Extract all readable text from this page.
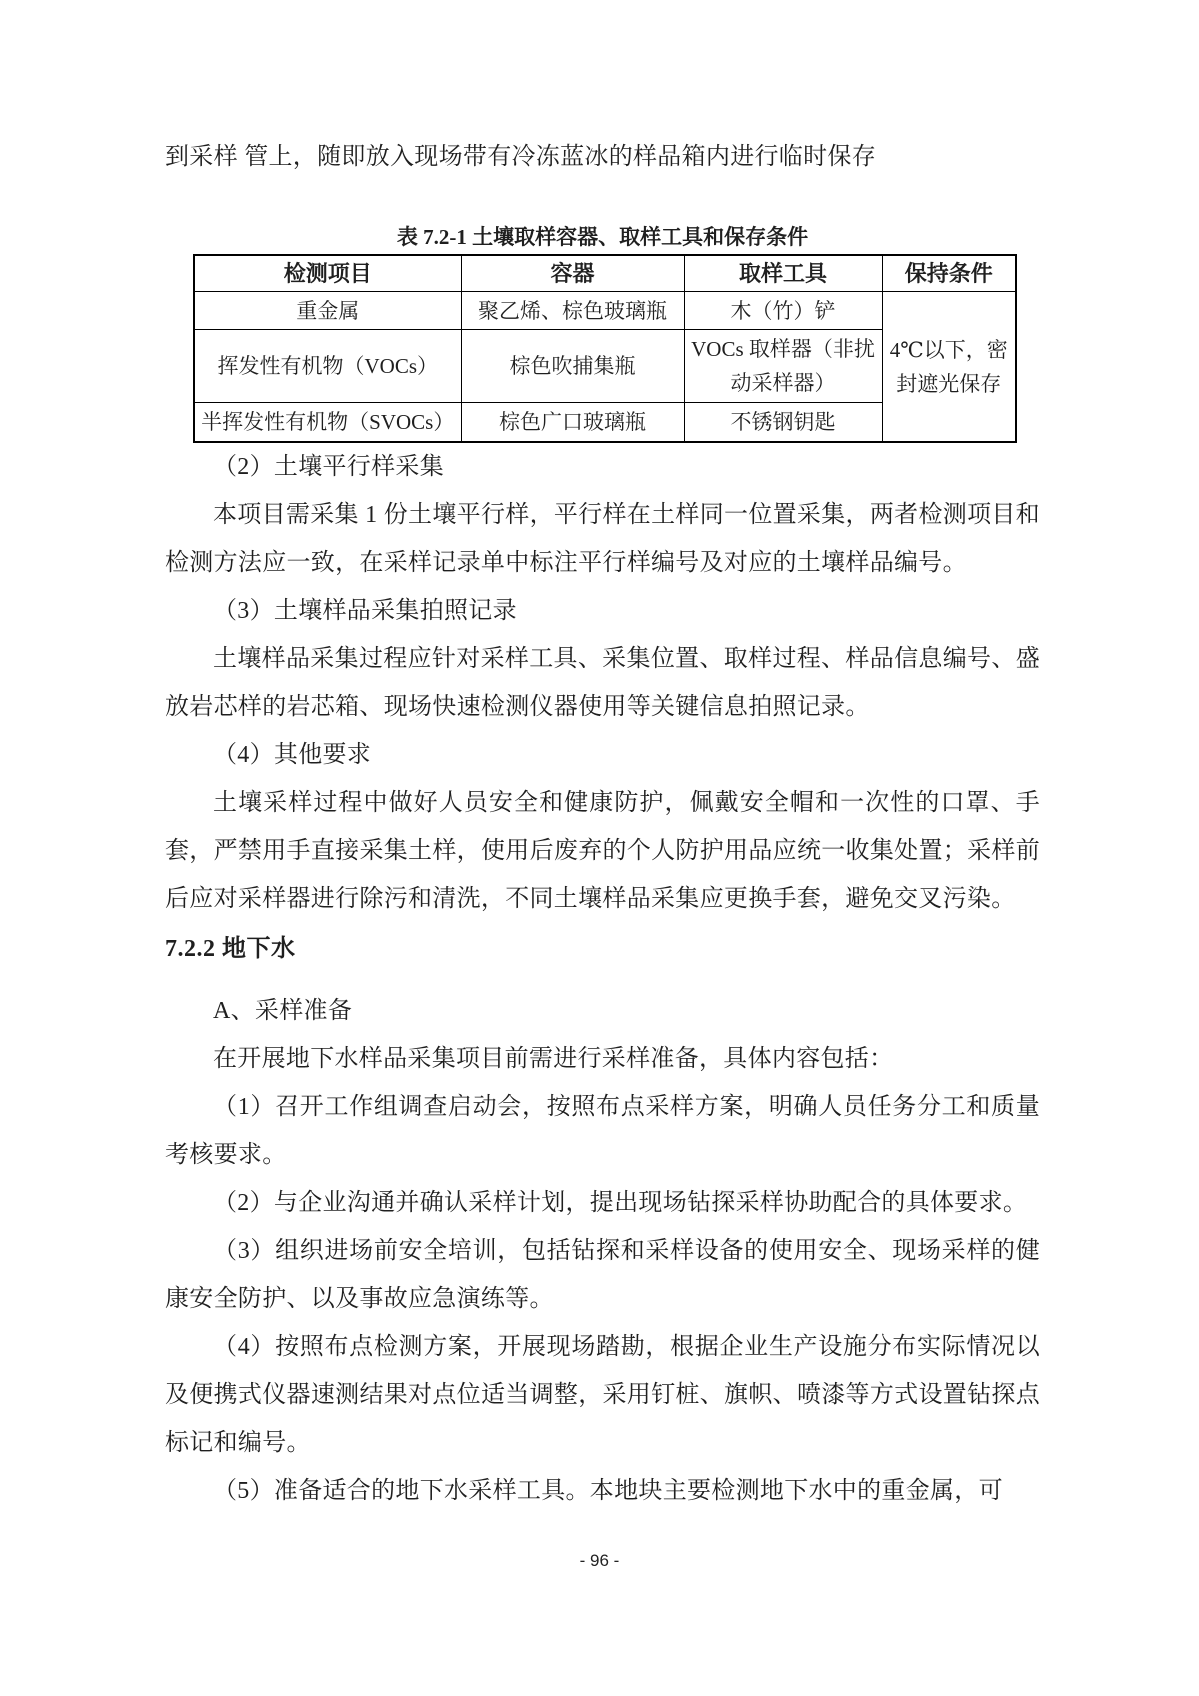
到采样 管上，随即放入现场带有冷冻蓝冰的样品箱内进行临时保存

表 7.2-1 土壤取样容器、取样工具和保存条件

检测项目	容器	取样工具	保持条件
重金属	聚乙烯、棕色玻璃瓶	木（竹）铲	4℃以下，密封遮光保存
挥发性有机物（VOCs）	棕色吹捕集瓶	VOCs 取样器（非扰动采样器）	
半挥发性有机物（SVOCs）	棕色广口玻璃瓶	不锈钢钥匙	

（2）土壤平行样采集

本项目需采集 1 份土壤平行样，平行样在土样同一位置采集，两者检测项目和检测方法应一致，在采样记录单中标注平行样编号及对应的土壤样品编号。

（3）土壤样品采集拍照记录

土壤样品采集过程应针对采样工具、采集位置、取样过程、样品信息编号、盛放岩芯样的岩芯箱、现场快速检测仪器使用等关键信息拍照记录。

（4）其他要求

土壤采样过程中做好人员安全和健康防护，佩戴安全帽和一次性的口罩、手套，严禁用手直接采集土样，使用后废弃的个人防护用品应统一收集处置；采样前后应对采样器进行除污和清洗，不同土壤样品采集应更换手套，避免交叉污染。

7.2.2 地下水

A、采样准备

在开展地下水样品采集项目前需进行采样准备，具体内容包括：

（1）召开工作组调查启动会，按照布点采样方案，明确人员任务分工和质量考核要求。

（2）与企业沟通并确认采样计划，提出现场钻探采样协助配合的具体要求。

（3）组织进场前安全培训，包括钻探和采样设备的使用安全、现场采样的健康安全防护、以及事故应急演练等。

（4）按照布点检测方案，开展现场踏勘，根据企业生产设施分布实际情况以及便携式仪器速测结果对点位适当调整，采用钉桩、旗帜、喷漆等方式设置钻探点标记和编号。

（5）准备适合的地下水采样工具。本地块主要检测地下水中的重金属，可

- 96 -
